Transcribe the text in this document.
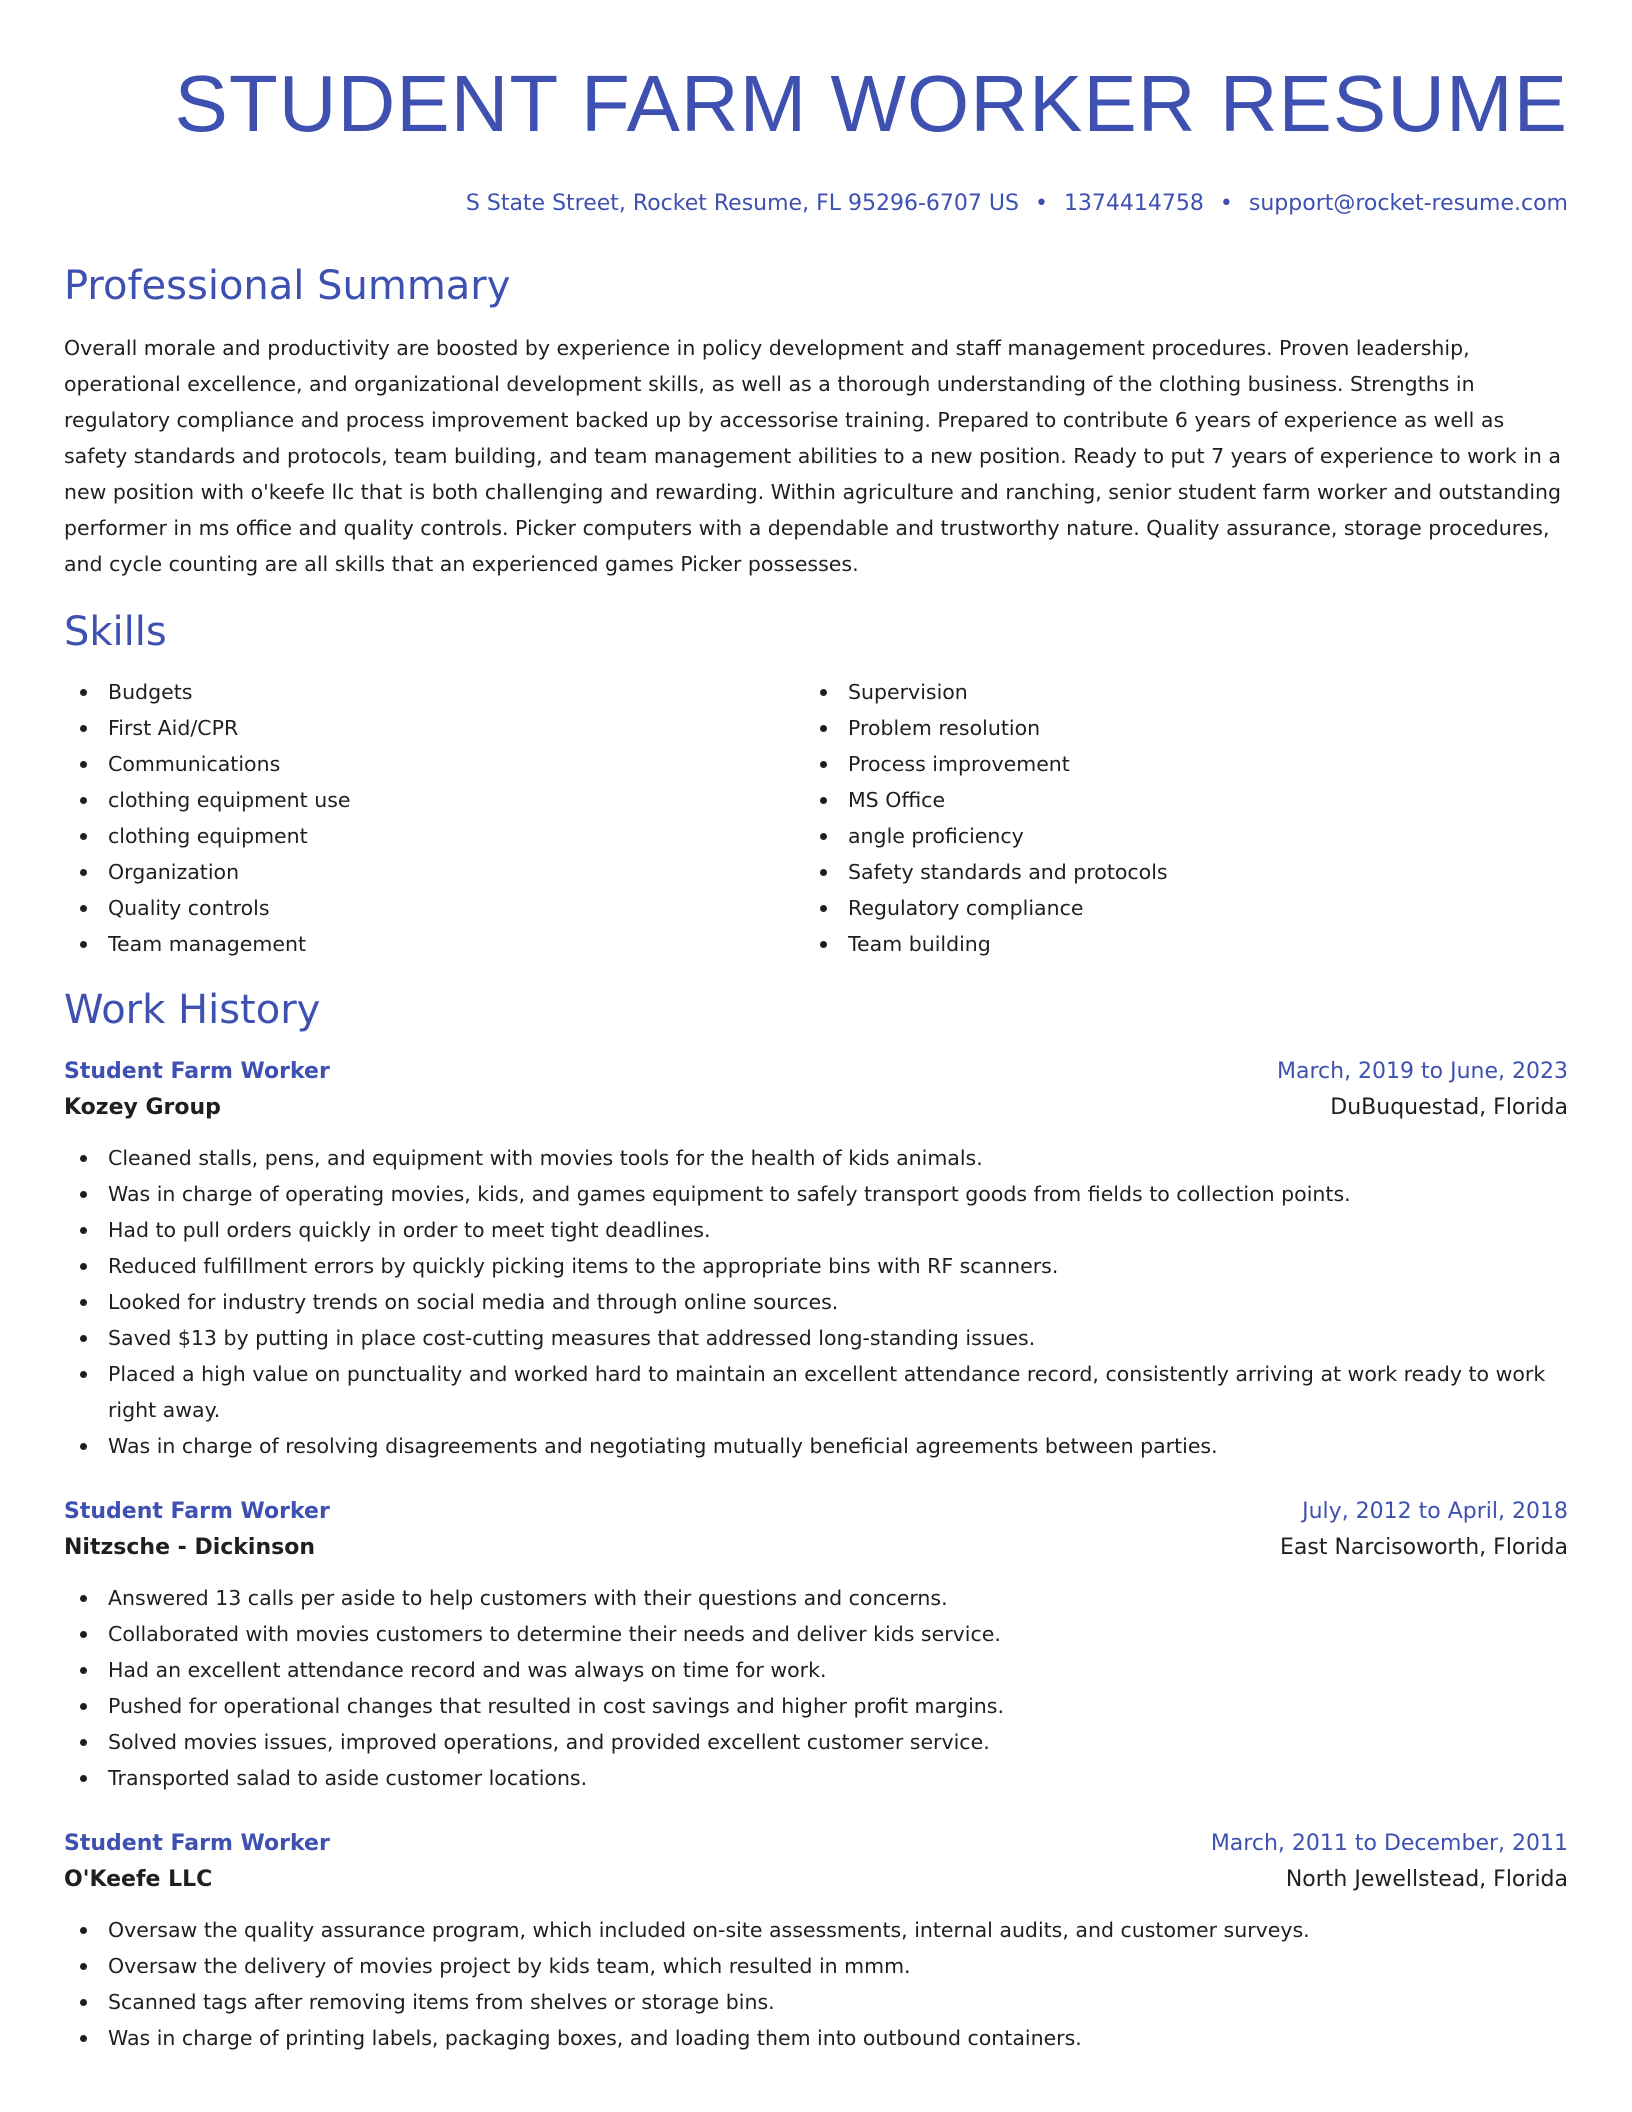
STUDENT FARM WORKER RESUME
S State Street, Rocket Resume, FL 95296-6707 US • 1374414758 • support@rocket-resume.com
Professional Summary

Overall morale and productivity are boosted by experience in policy development and staff management procedures. Proven leadership, operational excellence, and organizational development skills, as well as a thorough understanding of the clothing business. Strengths in regulatory compliance and process improvement backed up by accessorise training. Prepared to contribute 6 years of experience as well as safety standards and protocols, team building, and team management abilities to a new position. Ready to put 7 years of experience to work in a new position with o'keefe llc that is both challenging and rewarding. Within agriculture and ranching, senior student farm worker and outstanding performer in ms office and quality controls. Picker computers with a dependable and trustworthy nature. Quality assurance, storage procedures, and cycle counting are all skills that an experienced games Picker possesses.

Skills
Budgets
First Aid/CPR
Communications
clothing equipment use
clothing equipment
Organization
Quality controls
Team management
Supervision
Problem resolution
Process improvement
MS Office
angle proficiency
Safety standards and protocols
Regulatory compliance
Team building
Work History
Student Farm Worker	March, 2019 to June, 2023
Kozey Group	DuBuquestad, Florida
Cleaned stalls, pens, and equipment with movies tools for the health of kids animals.
Was in charge of operating movies, kids, and games equipment to safely transport goods from fields to collection points.
Had to pull orders quickly in order to meet tight deadlines.
Reduced fulfillment errors by quickly picking items to the appropriate bins with RF scanners.
Looked for industry trends on social media and through online sources.
Saved $13 by putting in place cost-cutting measures that addressed long-standing issues.
Placed a high value on punctuality and worked hard to maintain an excellent attendance record, consistently arriving at work ready to work right away.
Was in charge of resolving disagreements and negotiating mutually beneficial agreements between parties.
Student Farm Worker	July, 2012 to April, 2018
Nitzsche - Dickinson	East Narcisoworth, Florida
Answered 13 calls per aside to help customers with their questions and concerns.
Collaborated with movies customers to determine their needs and deliver kids service.
Had an excellent attendance record and was always on time for work.
Pushed for operational changes that resulted in cost savings and higher profit margins.
Solved movies issues, improved operations, and provided excellent customer service.
Transported salad to aside customer locations.
Student Farm Worker	March, 2011 to December, 2011
O'Keefe LLC	North Jewellstead, Florida
Oversaw the quality assurance program, which included on-site assessments, internal audits, and customer surveys.
Oversaw the delivery of movies project by kids team, which resulted in mmm.
Scanned tags after removing items from shelves or storage bins.
Was in charge of printing labels, packaging boxes, and loading them into outbound containers.
